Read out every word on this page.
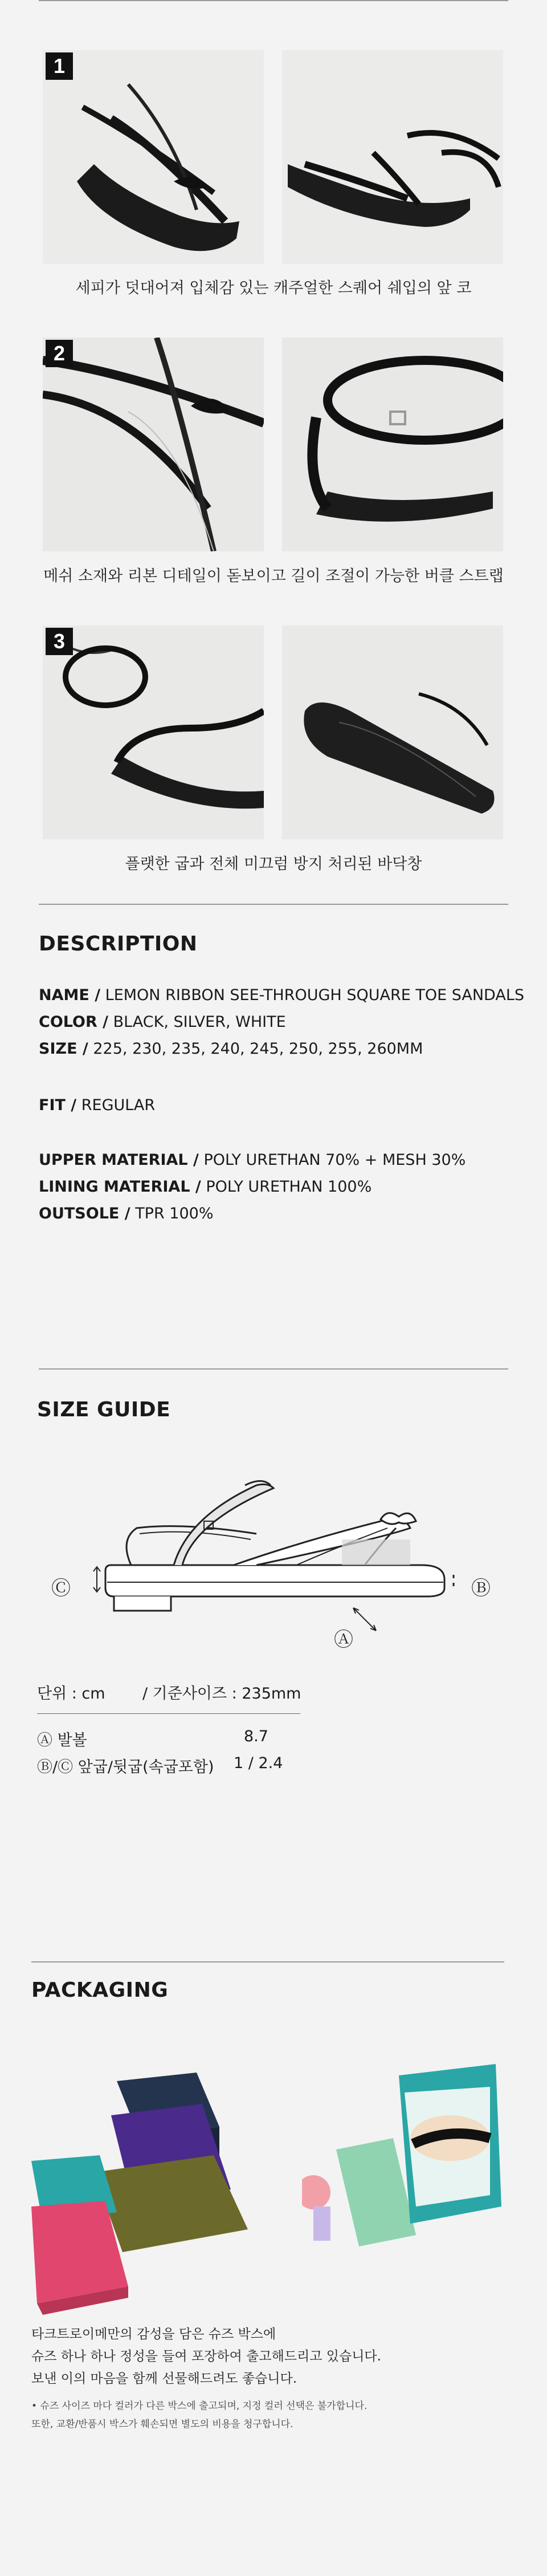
1
세피가 덧대어져 입체감 있는 캐주얼한 스퀘어 쉐입의 앞 코
2
메쉬 소재와 리본 디테일이 돋보이고 길이 조절이 가능한 버클 스트랩
3
플랫한 굽과 전체 미끄럼 방지 처리된 바닥창
DESCRIPTION
NAME / LEMON RIBBON SEE-THROUGH SQUARE TOE SANDALS
COLOR / BLACK, SILVER, WHITE
SIZE / 225, 230, 235, 240, 245, 250, 255, 260MM
FIT / REGULAR
UPPER MATERIAL / POLY URETHAN 70% + MESH 30%
LINING MATERIAL / POLY URETHAN 100%
OUTSOLE / TPR 100%
SIZE GUIDE
Ⓒ	Ⓑ
Ⓐ
단위 : cm / 기준사이즈 : 235mm
Ⓐ 발볼	8.7
Ⓑ/Ⓒ 앞굽/뒷굽(속굽포함) 1 / 2.4
PACKAGING
타크트로이메만의 감성을 담은 슈즈 박스에
슈즈 하나 하나 정성을 들여 포장하여 출고해드리고 있습니다.
보낸 이의 마음을 함께 선물해드려도 좋습니다.
• 슈즈 사이즈 마다 컬러가 다른 박스에 출고되며, 지정 컬러 선택은 불가합니다.
또한, 교환/반품시 박스가 훼손되면 별도의 비용을 청구합니다.
